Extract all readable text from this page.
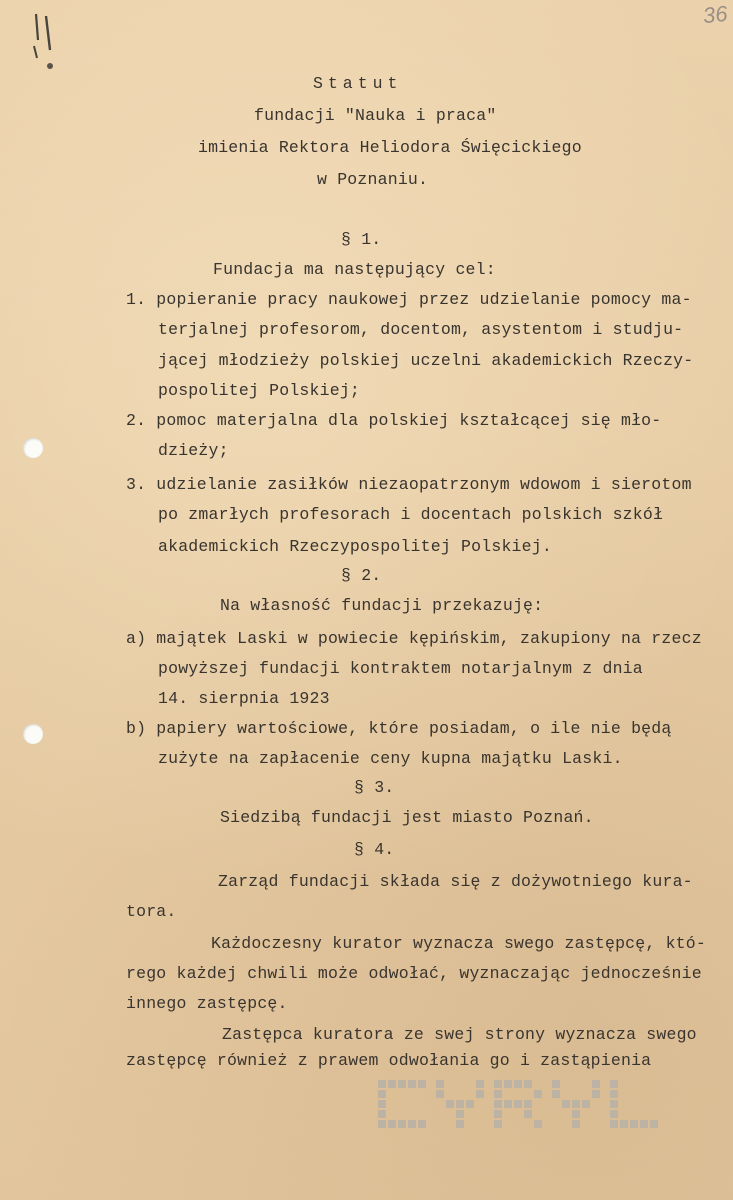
36
Statut
fundacji "Nauka i praca"
imienia Rektora Heliodora Święcickiego
w Poznaniu.
§ 1.
Fundacja ma następujący cel:
1. popieranie pracy naukowej przez udzielanie pomocy ma-
terjalnej profesorom, docentom, asystentom i studju-
jącej młodzieży polskiej uczelni akademickich Rzeczy-
pospolitej Polskiej;
2. pomoc materjalna dla polskiej kształcącej się mło-
dzieży;
3. udzielanie zasiłków niezaopatrzonym wdowom i sierotom
po zmarłych profesorach i docentach polskich szkół
akademickich Rzeczypospolitej Polskiej.
§ 2.
Na własność fundacji przekazuję:
a) majątek Laski w powiecie kępińskim, zakupiony na rzecz
powyższej fundacji kontraktem notarjalnym z dnia
14. sierpnia 1923
b) papiery wartościowe, które posiadam, o ile nie będą
zużyte na zapłacenie ceny kupna majątku Laski.
§ 3.
Siedzibą fundacji jest miasto Poznań.
§ 4.
Zarząd fundacji składa się z dożywotniego kura-
tora.
Każdoczesny kurator wyznacza swego zastępcę, któ-
rego każdej chwili może odwołać, wyznaczając jednocześnie
innego zastępcę.
Zastępca kuratora ze swej strony wyznacza swego
zastępcę również z prawem odwołania go i zastąpienia
